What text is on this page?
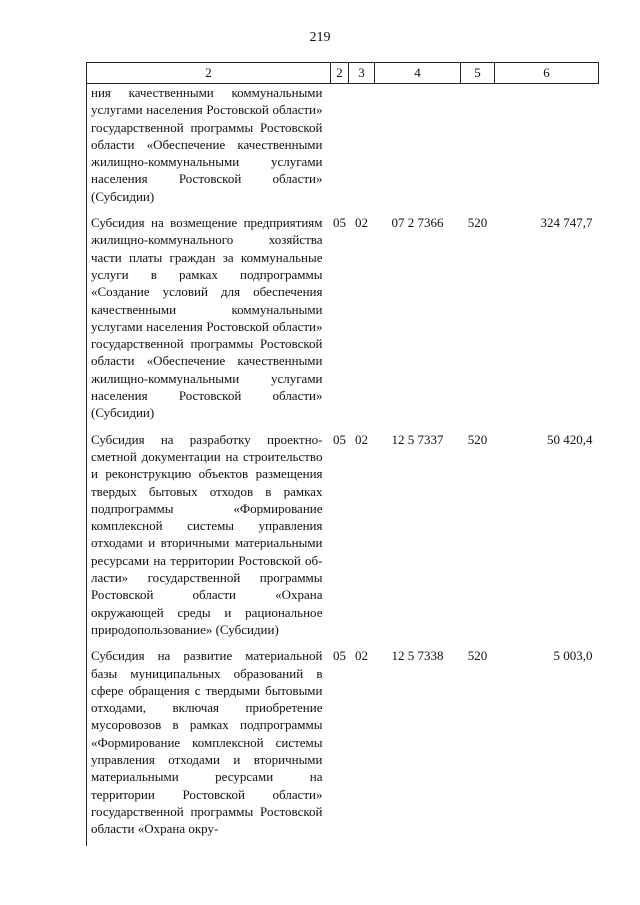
219
2	2	3	4	5	6
ния качественными коммунальными услугами населения Ростовской области» государственной программы Ростовской области «Обеспечение качественными жилищно-коммунальными услугами населения Ростовской области» (Субсидии)					
Субсидия на возмещение предприятиям жилищно-коммунального хозяйства части платы граждан за коммунальные услуги в рамках подпрограммы «Создание условий для обеспечения качественными коммунальными услугами населения Ростовской области» государственной программы Ростовской области «Обеспечение качественными жилищно-коммунальными услугами населения Ростовской области» (Субсидии)	05	02	07 2 7366	520	324 747,7
Субсидия на разработку проектно-сметной документации на строительство и реконструкцию объектов размещения твердых бытовых отходов в рамках подпрограммы «Формирование комплексной системы управления отходами и вторичными материальными ресурсами на территории Ростовской области» государственной программы Ростовской области «Охрана окружающей среды и рациональное природопользование» (Субсидии)	05	02	12 5 7337	520	50 420,4
Субсидия на развитие материальной базы муниципальных образований в сфере обращения с твердыми бытовыми отходами, включая приобретение мусоровозов в рамках подпрограммы «Формирование комплексной системы управления отходами и вторичными материальными ресурсами на территории Ростовской области» государственной программы Ростовской области «Охрана окру-	05	02	12 5 7338	520	5 003,0
